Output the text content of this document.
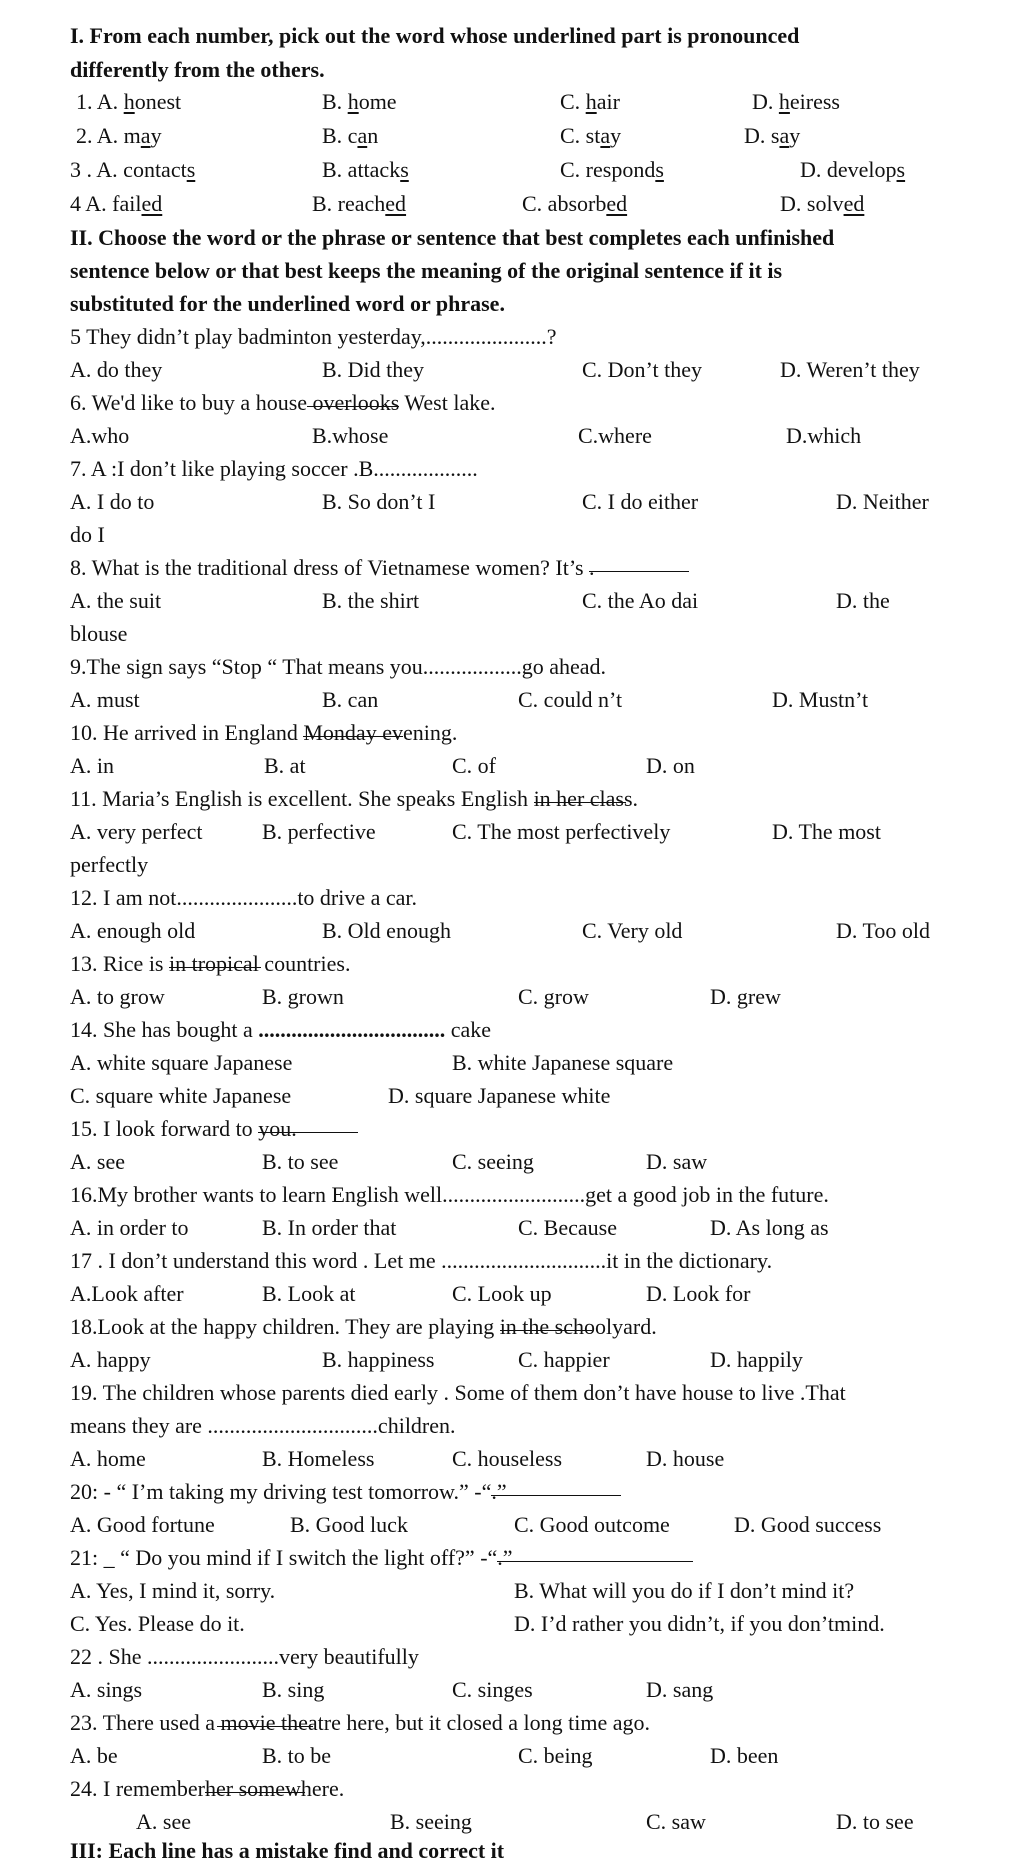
I. From each number, pick out the word whose underlined part is pronounced
differently from the others.
1. A. honest	B. home	C. hair	D. heiress
2. A. may	B. can	C. stay	D. say
3 . A. contacts	B. attacks	C. responds	D. develops
4 A. failed	B. reached	C. absorbed	D. solved
II. Choose the word or the phrase or sentence that best completes each unfinished
sentence below or that best keeps the meaning of the original sentence if it is
substituted for the underlined word or phrase.
5 They didn’t play badminton yesterday,......................?
A. do they	B. Did they	C. Don’t they	D. Weren’t they
6. We'd like to buy a house overlooks West lake.
A.who	B.whose	C.where	D.which
7. A :I don’t like playing soccer .B...................
A. I do to	B. So don’t I	C. I do either	D. Neither
do I
8. What is the traditional dress of Vietnamese women? It’s .
A. the suit	B. the shirt	C. the Ao dai	D. the
blouse
9.The sign says “Stop “ That means you..................go ahead.
A. must	B. can	C. could n’t	D. Mustn’t
10. He arrived in England Monday evening.
A. in	B. at	C. of	D. on
11. Maria’s English is excellent. She speaks English in her class.
A. very perfect	B. perfective	C. The most perfectively	D. The most
perfectly
12. I am not......................to drive a car.
A. enough old	B. Old enough	C. Very old	D. Too old
13. Rice is in tropical countries.
A. to grow	B. grown	C. grow	D. grew
14. She has bought a .................................. cake
A. white square Japanese	B. white Japanese square
C. square white Japanese	D. square Japanese white
15. I look forward to you.
A. see	B. to see	C. seeing	D. saw
16.My brother wants to learn English well..........................get a good job in the future.
A. in order to	B. In order that	C. Because	D. As long as
17 . I don’t understand this word . Let me ..............................it in the dictionary.
A.Look after	B. Look at	C. Look up	D. Look for
18.Look at the happy children. They are playing in the schoolyard.
A. happy	B. happiness	C. happier	D. happily
19. The children whose parents died early . Some of them don’t have house to live .That
means they are ...............................children.
A. home	B. Homeless	C. houseless	D. house
20: - “ I’m taking my driving test tomorrow.” -“
.”
A. Good fortune	B. Good luck	C. Good outcome	D. Good success
21: _ “ Do you mind if I switch the light off?” -“
.”
A. Yes, I mind it, sorry.	B. What will you do if I don’t mind it?
C. Yes. Please do it.	D. I’d rather you didn’t, if you don’tmind.
22 . She ........................very beautifully
A. sings	B. sing	C. singes	D. sang
23. There used a movie theatre here, but it closed a long time ago.
A. be	B. to be	C. being	D. been
24. I remember
her somewhere.
A. see	B. seeing	C. saw	D. to see
III: Each line has a mistake find and correct it
